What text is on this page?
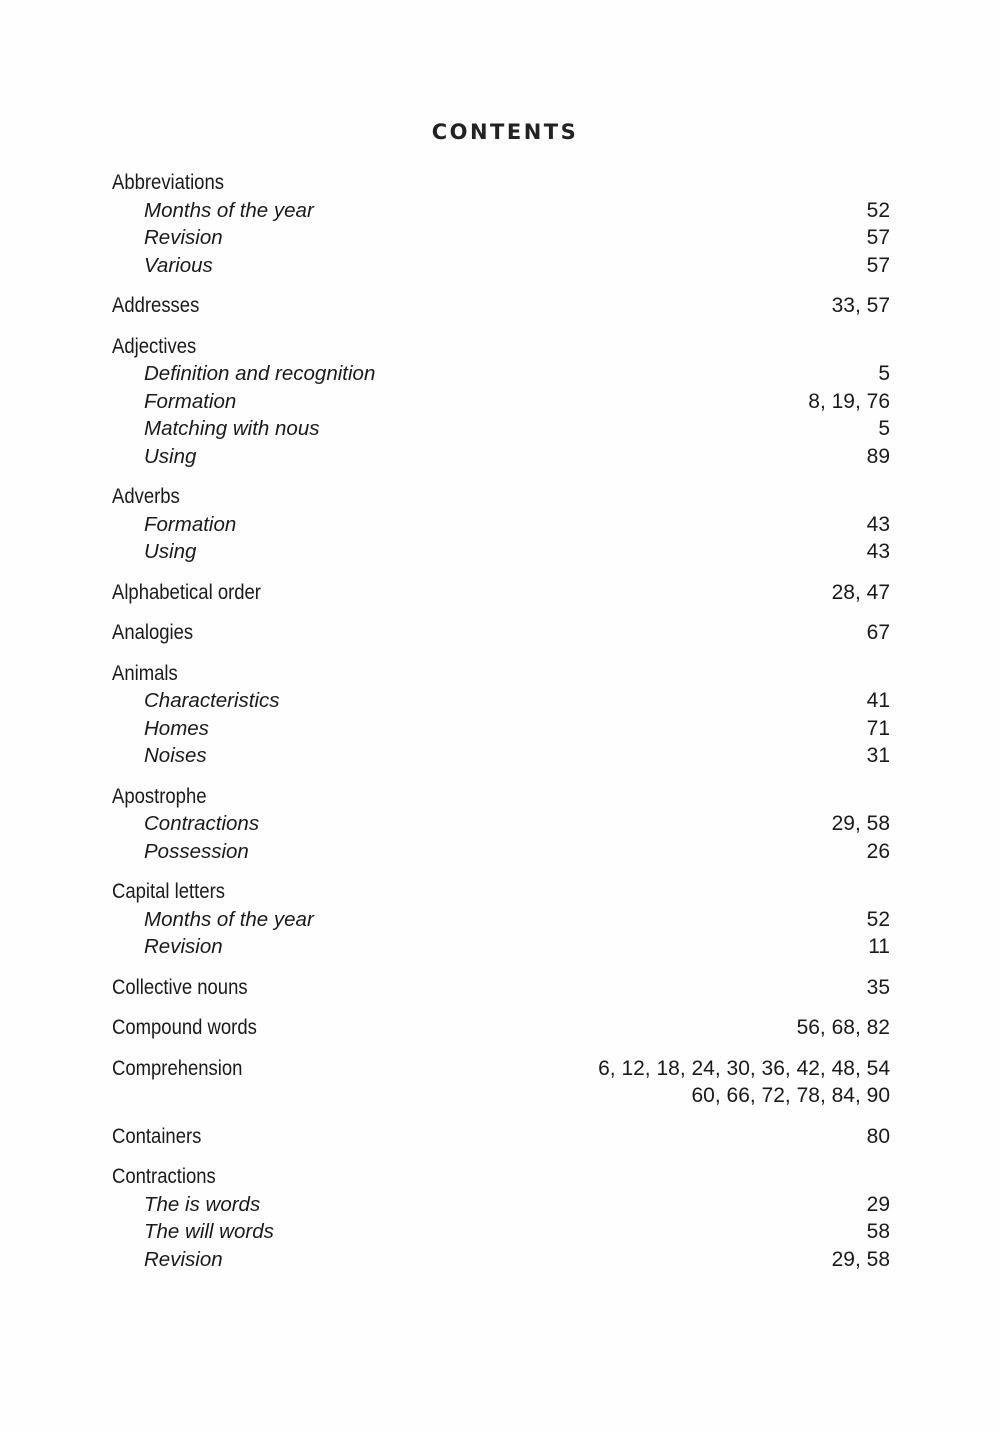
CONTENTS
Abbreviations
Months of the year	52
Revision	57
Various	57
Addresses	33, 57
Adjectives
Definition and recognition	5
Formation	8, 19, 76
Matching with nous	5
Using	89
Adverbs
Formation	43
Using	43
Alphabetical order	28, 47
Analogies	67
Animals
Characteristics	41
Homes	71
Noises	31
Apostrophe
Contractions	29, 58
Possession	26
Capital letters
Months of the year	52
Revision	11
Collective nouns	35
Compound words	56, 68, 82
Comprehension	6, 12, 18, 24, 30, 36, 42, 48, 54
60, 66, 72, 78, 84, 90
Containers	80
Contractions
The is words	29
The will words	58
Revision	29, 58
